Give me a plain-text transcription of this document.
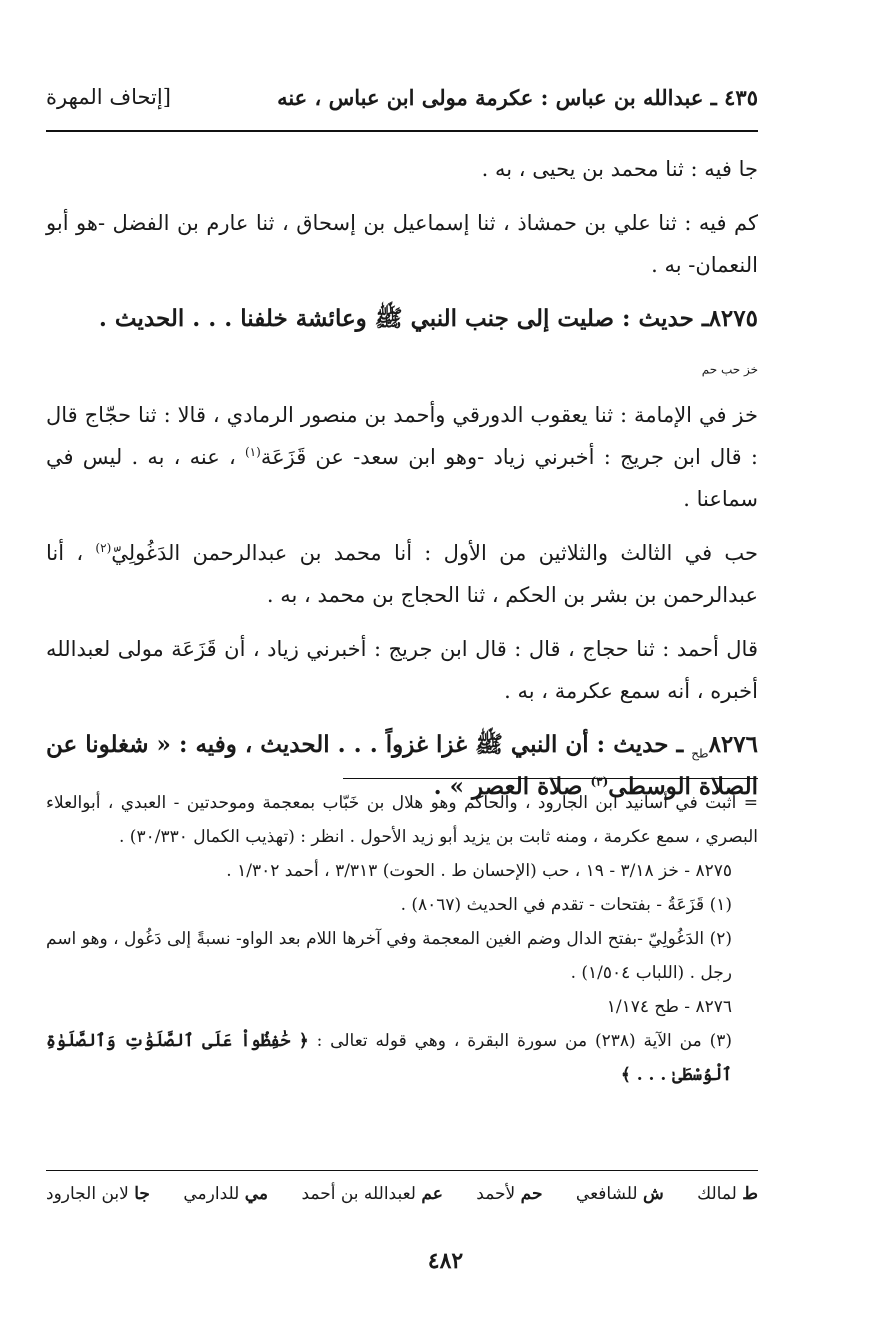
٤٣٥ ـ عبدالله بن عباس : عكرمة مولى ابن عباس ، عنه
[إتحاف المهرة

جا فيه : ثنا محمد بن يحيى ، به .

كم فيه : ثنا علي بن حمشاذ ، ثنا إسماعيل بن إسحاق ، ثنا عارم بن الفضل -هو أبو النعمان- به .

٨٢٧٥ـ حديث : صليت إلى جنب النبي ﷺ وعائشة خلفنا . . . الحديث .
$_{خز حب حم}$

خز في الإمامة : ثنا يعقوب الدورقي وأحمد بن منصور الرمادي ، قالا : ثنا حجّاج قال : قال ابن جريج : أخبرني زياد -وهو ابن سعد- عن قَزَعَة$^{(١)}$ ، عنه ، به . ليس في سماعنا .

حب في الثالث والثلاثين من الأول : أنا محمد بن عبدالرحمن الدَغُولِيّ$^{(٢)}$ ، أنا عبدالرحمن بن بشر بن الحكم ، ثنا الحجاج بن محمد ، به .

قال أحمد : ثنا حجاج ، قال : قال ابن جريج : أخبرني زياد ، أن قَزَعَة مولى لعبدالله أخبره ، أنه سمع عكرمة ، به .

$٨٢٧٦_{طح}$ ـ حديث : أن النبي ﷺ غزا غزواً . . . الحديث ، وفيه : « شغلونا عن الصلاة الوسطى$^{(٣)}$ صلاة العصر » .

= أثبت في أسانيد ابن الجارود ، والحاكم وهو هلال بن خَبّاب بمعجمة وموحدتين - العبدي ، أبوالعلاء البصري ، سمع عكرمة ، ومنه ثابت بن يزيد أبو زيد الأحول . انظر : (تهذيب الكمال ٣٠/٣٣٠) .

٨٢٧٥ - خز ٣/١٨ - ١٩ ، حب (الإحسان ط . الحوت) ٣/٣١٣ ، أحمد ١/٣٠٢ .

(١) قَزَعَةُ - بفتحات - تقدم في الحديث (٨٠٦٧) .

(٢) الدَغُولِيّ -بفتح الدال وضم الغين المعجمة وفي آخرها اللام بعد الواو- نسبةً إلى دَغُول ، وهو اسم رجل . (اللباب ١/٥٠٤) .

٨٢٧٦ - طح ١/١٧٤

(٣) من الآية (٢٣٨) من سورة البقرة ، وهي قوله تعالى : ﴿ حَٰفِظُواْ عَلَى ٱلصَّلَوَٰتِ وَٱلصَّلَوٰةِ ٱلْوُسْطَىٰ . . . ﴾

ط لمالك
ش للشافعي
حم لأحمد
عم لعبدالله بن أحمد
مي للدارمي
جا لابن الجارود
٤٨٢
